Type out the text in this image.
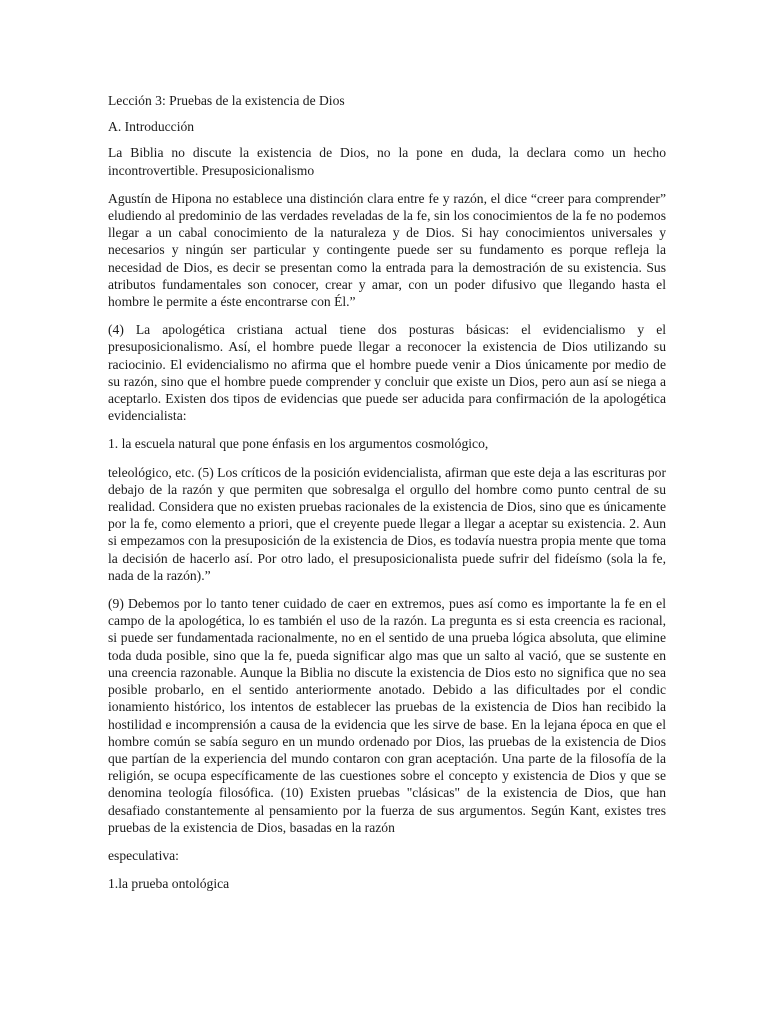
Lección 3: Pruebas de la existencia de Dios

A. Introducción

La Biblia no discute la existencia de Dios, no la pone en duda, la declara como un hecho incontrovertible. Presuposicionalismo

Agustín de Hipona no establece una distinción clara entre fe y razón, el dice “creer para comprender” eludiendo al predominio de las verdades reveladas de la fe, sin los conocimientos de la fe no podemos llegar a un cabal conocimiento de la naturaleza y de Dios. Si hay conocimientos universales y necesarios y ningún ser particular y contingente puede ser su fundamento es porque refleja la necesidad de Dios, es decir se presentan como la entrada para la demostración de su existencia. Sus atributos fundamentales son conocer, crear y amar, con un poder difusivo que llegando hasta el hombre le permite a éste encontrarse con Él.”

(4) La apologética cristiana actual tiene dos posturas básicas: el evidencialismo y el presuposicionalismo. Así, el hombre puede llegar a reconocer la existencia de Dios utilizando su raciocinio. El evidencialismo no afirma que el hombre puede venir a Dios únicamente por medio de su razón, sino que el hombre puede comprender y concluir que existe un Dios, pero aun así se niega a aceptarlo. Existen dos tipos de evidencias que puede ser aducida para confirmación de la apologética evidencialista:

1. la escuela natural que pone énfasis en los argumentos cosmológico,

teleológico, etc. (5) Los críticos de la posición evidencialista, afirman que este deja a las escrituras por debajo de la razón y que permiten que sobresalga el orgullo del hombre como punto central de su realidad. Considera que no existen pruebas racionales de la existencia de Dios, sino que es únicamente por la fe, como elemento a priori, que el creyente puede llegar a llegar a aceptar su existencia. 2. Aun si empezamos con la presuposición de la existencia de Dios, es todavía nuestra propia mente que toma la decisión de hacerlo así. Por otro lado, el presuposicionalista puede sufrir del fideísmo (sola la fe, nada de la razón).”

(9) Debemos por lo tanto tener cuidado de caer en extremos, pues así como es importante la fe en el campo de la apologética, lo es también el uso de la razón. La pregunta es si esta creencia es racional, si puede ser fundamentada racionalmente, no en el sentido de una prueba lógica absoluta, que elimine toda duda posible, sino que la fe, pueda significar algo mas que un salto al vació, que se sustente en una creencia razonable. Aunque la Biblia no discute la existencia de Dios esto no significa que no sea posible probarlo, en el sentido anteriormente anotado. Debido a las dificultades por el condic ionamiento histórico, los intentos de establecer las pruebas de la existencia de Dios han recibido la hostilidad e incomprensión a causa de la evidencia que les sirve de base. En la lejana época en que el hombre común se sabía seguro en un mundo ordenado por Dios, las pruebas de la existencia de Dios que partían de la experiencia del mundo contaron con gran aceptación. Una parte de la filosofía de la religión, se ocupa específicamente de las cuestiones sobre el concepto y existencia de Dios y que se denomina teología filosófica. (10) Existen pruebas "clásicas" de la existencia de Dios, que han desafiado constantemente al pensamiento por la fuerza de sus argumentos. Según Kant, existes tres pruebas de la existencia de Dios, basadas en la razón

especulativa:

1.la prueba ontológica
